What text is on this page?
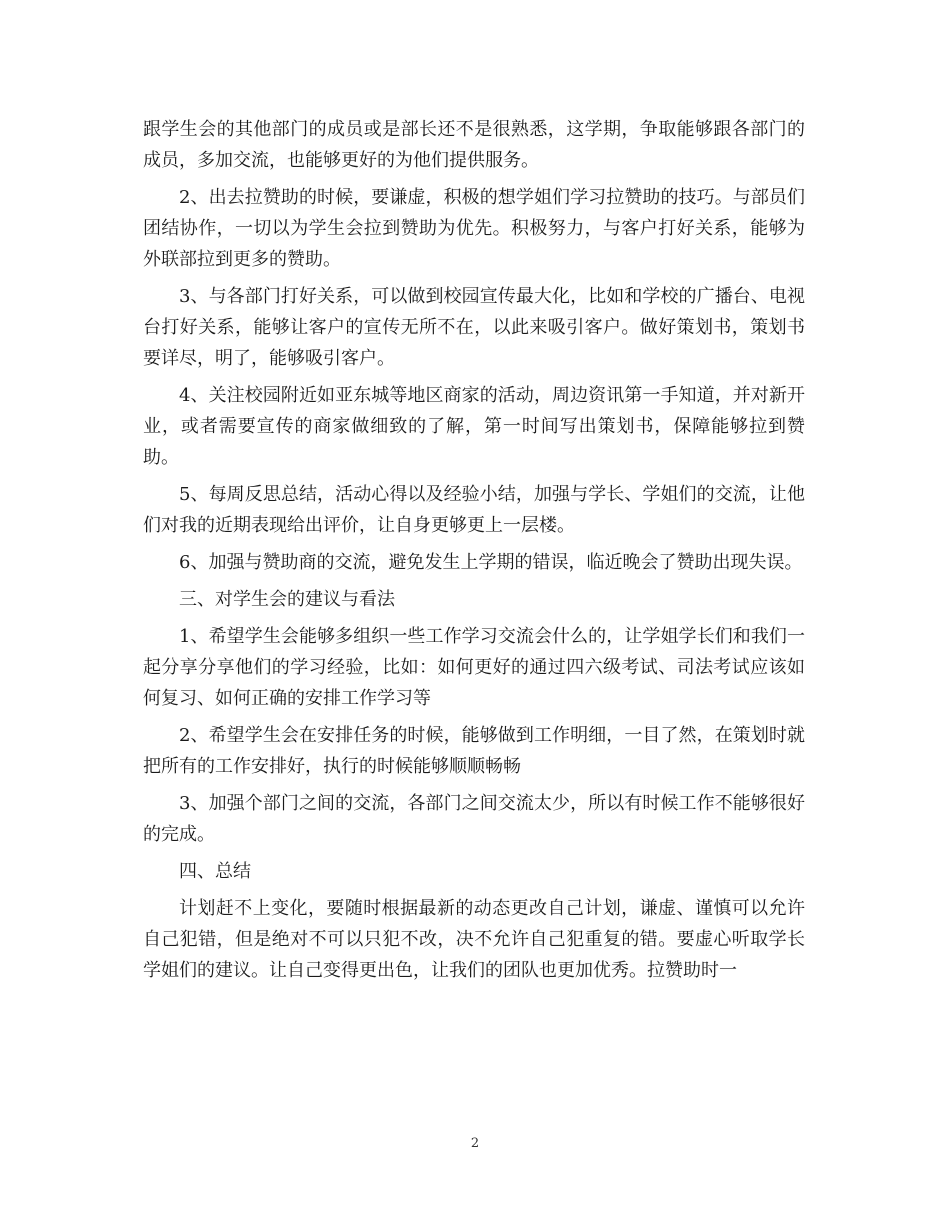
跟学生会的其他部门的成员或是部长还不是很熟悉，这学期，争取能够跟各部门的成员，多加交流，也能够更好的为他们提供服务。

2、出去拉赞助的时候，要谦虚，积极的想学姐们学习拉赞助的技巧。与部员们团结协作，一切以为学生会拉到赞助为优先。积极努力，与客户打好关系，能够为外联部拉到更多的赞助。

3、与各部门打好关系，可以做到校园宣传最大化，比如和学校的广播台、电视台打好关系，能够让客户的宣传无所不在，以此来吸引客户。做好策划书，策划书要详尽，明了，能够吸引客户。

4、关注校园附近如亚东城等地区商家的活动，周边资讯第一手知道，并对新开业，或者需要宣传的商家做细致的了解，第一时间写出策划书，保障能够拉到赞助。

5、每周反思总结，活动心得以及经验小结，加强与学长、学姐们的交流，让他们对我的近期表现给出评价，让自身更够更上一层楼。

6、加强与赞助商的交流，避免发生上学期的错误，临近晚会了赞助出现失误。

三、对学生会的建议与看法

1、希望学生会能够多组织一些工作学习交流会什么的，让学姐学长们和我们一起分享分享他们的学习经验，比如：如何更好的通过四六级考试、司法考试应该如何复习、如何正确的安排工作学习等

2、希望学生会在安排任务的时候，能够做到工作明细，一目了然，在策划时就把所有的工作安排好，执行的时候能够顺顺畅畅

3、加强个部门之间的交流，各部门之间交流太少，所以有时候工作不能够很好的完成。

四、总结

计划赶不上变化，要随时根据最新的动态更改自己计划，谦虚、谨慎可以允许自己犯错，但是绝对不可以只犯不改，决不允许自己犯重复的错。要虚心听取学长学姐们的建议。让自己变得更出色，让我们的团队也更加优秀。拉赞助时一

2
